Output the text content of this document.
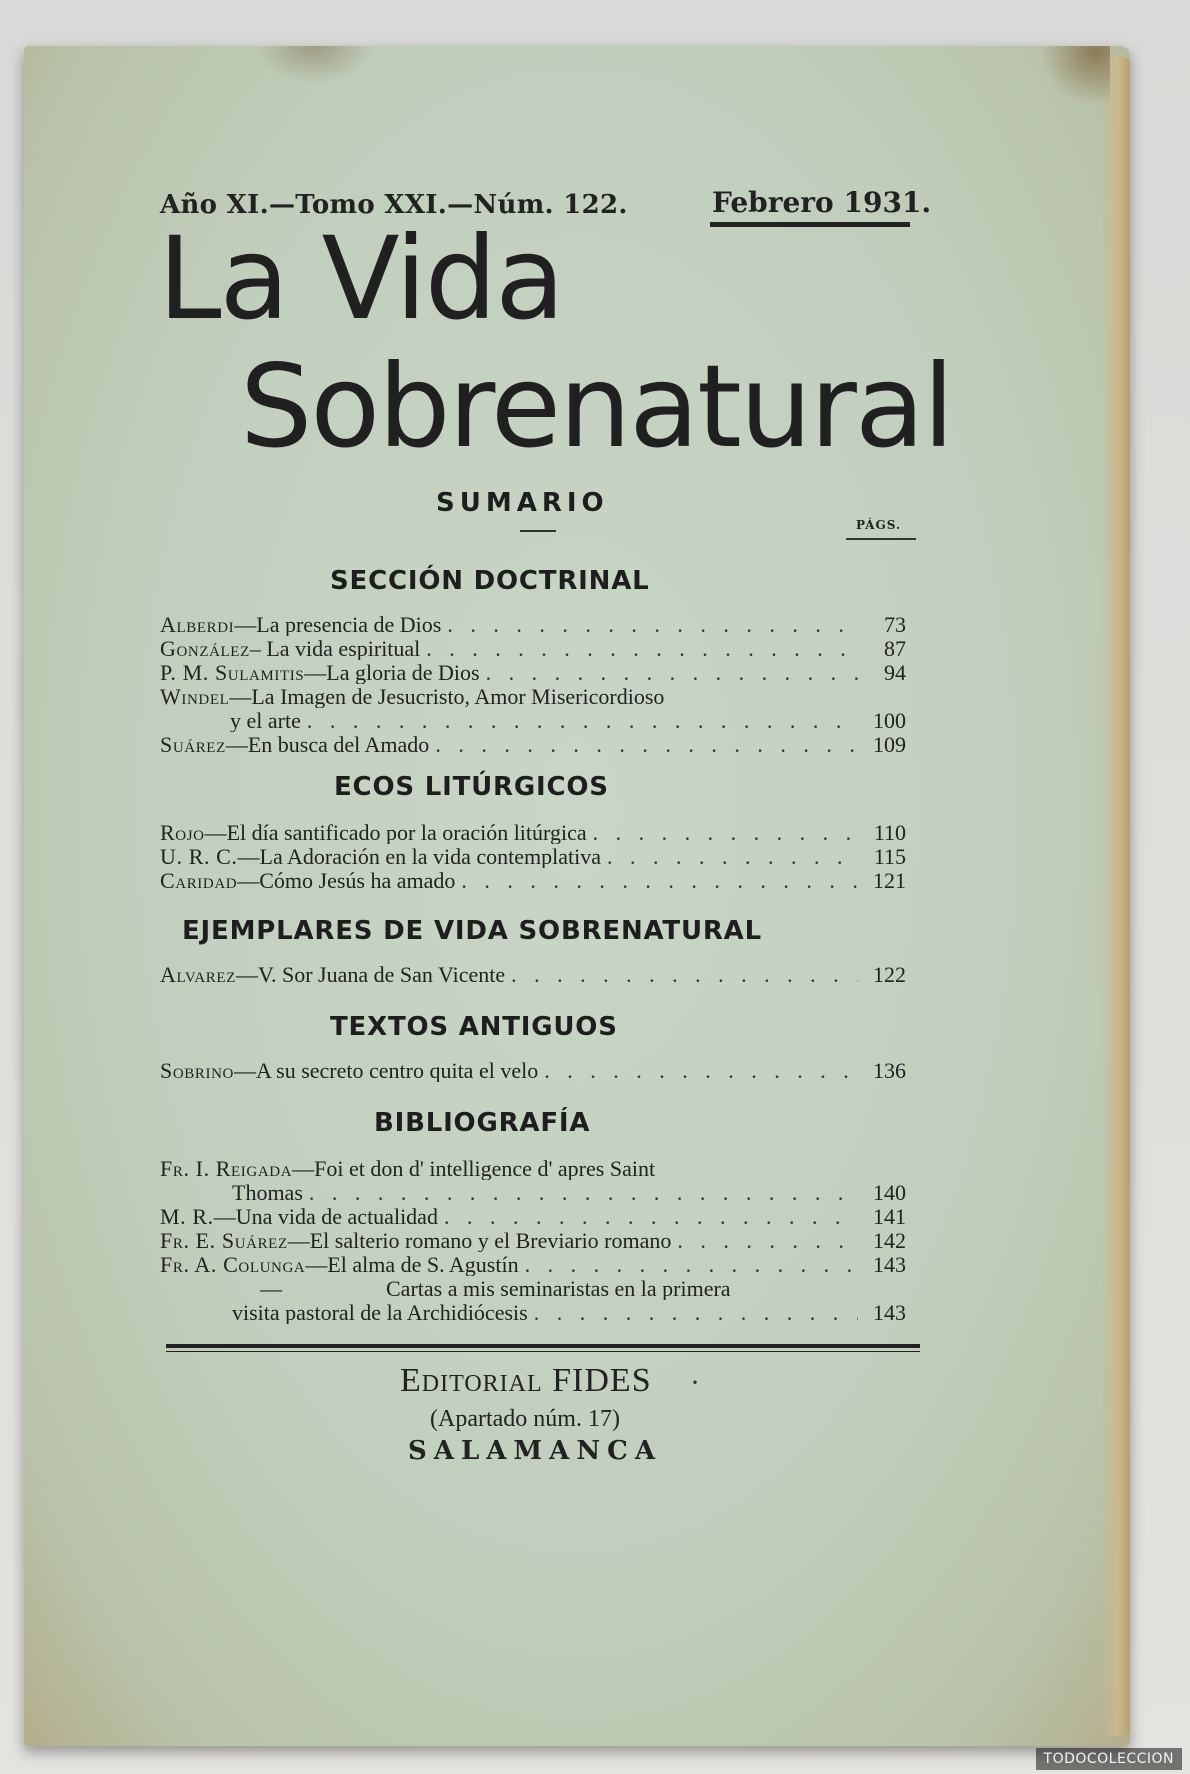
Año XI.—Tomo XXI.—Núm. 122.	Febrero 1931.
La Vida
Sobrenatural
SUMARIO
PÁGS.
SECCIÓN DOCTRINAL
Alberdi —La presencia de Dios . . .	73
González – La vida espiritual . . .	87
P. M. Sulamitis —La gloria de Dios . . .	94
Windel —La Imagen de Jesucristo, Amor Misericordioso
y el arte . . .	100
Suárez —En busca del Amado . . .	109
ECOS LITÚRGICOS
Rojo —El día santificado por la oración litúrgica . . .	110
U. R. C. —La Adoración en la vida contemplativa . . .	115
Caridad —Cómo Jesús ha amado . . .	121
EJEMPLARES DE VIDA SOBRENATURAL
Alvarez —V. Sor Juana de San Vicente . . .	122
TEXTOS ANTIGUOS
Sobrino —A su secreto centro quita el velo . . .	136
BIBLIOGRAFÍA
Fr. I. Reigada —Foi et don d' intelligence d' apres Saint
Thomas . . .	140
M. R. —Una vida de actualidad . . .	141
Fr. E. Suárez —El salterio romano y el Breviario romano . . .	142
Fr. A. Colunga —El alma de S. Agustín . . .	143
—	Cartas a mis seminaristas en la primera
visita pastoral de la Archidiócesis . . .	143
Editorial FIDES ·
(Apartado núm. 17)
SALAMANCA
TODOCOLECCION
